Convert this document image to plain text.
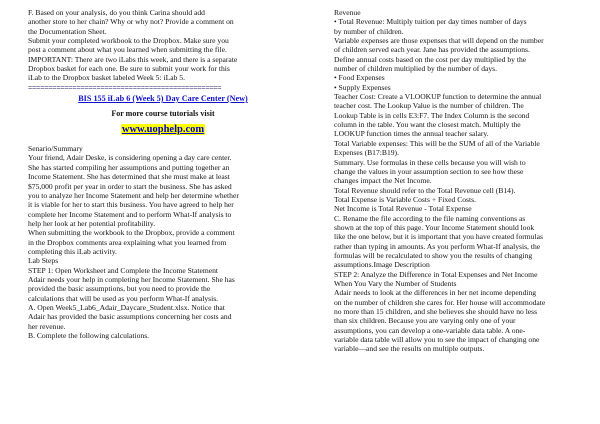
F. Based on your analysis, do you think Carina should add
another store to her chain? Why or why not? Provide a comment on
the Documentation Sheet.
Submit your completed workbook to the Dropbox. Make sure you
post a comment about what you learned when submitting the file.
IMPORTANT: There are two iLabs this week, and there is a separate
Dropbox basket for each one. Be sure to submit your work for this
iLab to the Dropbox basket labeled Week 5: iLab 5.
================================================
BIS 155 iLab 6 (Week 5) Day Care Center (New)
For more course tutorials visit
www.uophelp.com
Senario/Summary
Your friend, Adair Deske, is considering opening a day care center.
She has started compiling her assumptions and putting together an
Income Statement. She has determined that she must make at least
$75,000 profit per year in order to start the business. She has asked
you to analyze her Income Statement and help her determine whether
it is viable for her to start this business. You have agreed to help her
complete her Income Statement and to perform What-If analysis to
help her look at her potential profitability.
When submitting the workbook to the Dropbox, provide a comment
in the Dropbox comments area explaining what you learned from
completing this iLab activity.
Lab Steps
STEP 1: Open Worksheet and Complete the Income Statement
Adair needs your help in completing her Income Statement. She has
provided the basic assumptions, but you need to provide the
calculations that will be used as you perform What-If analysis.
A. Open Week5_Lab6_Adair_Daycare_Student.xlsx. Notice that
Adair has provided the basic assumptions concerning her costs and
her revenue.
B. Complete the following calculations.
Revenue
• Total Revenue: Multiply tuition per day times number of days
by number of children.
Variable expenses are those expenses that will depend on the number
of children served each year. Jane has provided the assumptions.
Define annual costs based on the cost per day multiplied by the
number of children multiplied by the number of days.
• Food Expenses
• Supply Expenses
Teacher Cost: Create a VLOOKUP function to determine the annual
teacher cost. The Lookup Value is the number of children. The
Lookup Table is in cells E3:F7. The Index Column is the second
column in the table. You want the closest match. Multiply the
LOOKUP function times the annual teacher salary.
Total Variable expenses: This will be the SUM of all of the Variable
Expenses (B17:B19).
Summary. Use formulas in these cells because you will wish to
change the values in your assumption section to see how these
changes impact the Net Income.
Total Revenue should refer to the Total Revenue cell (B14).
Total Expense is Variable Costs + Fixed Costs.
Net Income is Total Revenue - Total Expense
C. Rename the file according to the file naming conventions as
shown at the top of this page. Your Income Statement should look
like the one below, but it is important that you have created formulas
rather than typing in amounts. As you perform What-If analysis, the
formulas will be recalculated to show you the results of changing
assumptions.Image Description
STEP 2: Analyze the Difference in Total Expenses and Net Income
When You Vary the Number of Students
Adair needs to look at the differences in her net income depending
on the number of children she cares for. Her house will accommodate
no more than 15 children, and she believes she should have no less
than six children. Because you are varying only one of your
assumptions, you can develop a one-variable data table. A one-
variable data table will allow you to see the impact of changing one
variable—and see the results on multiple outputs.
